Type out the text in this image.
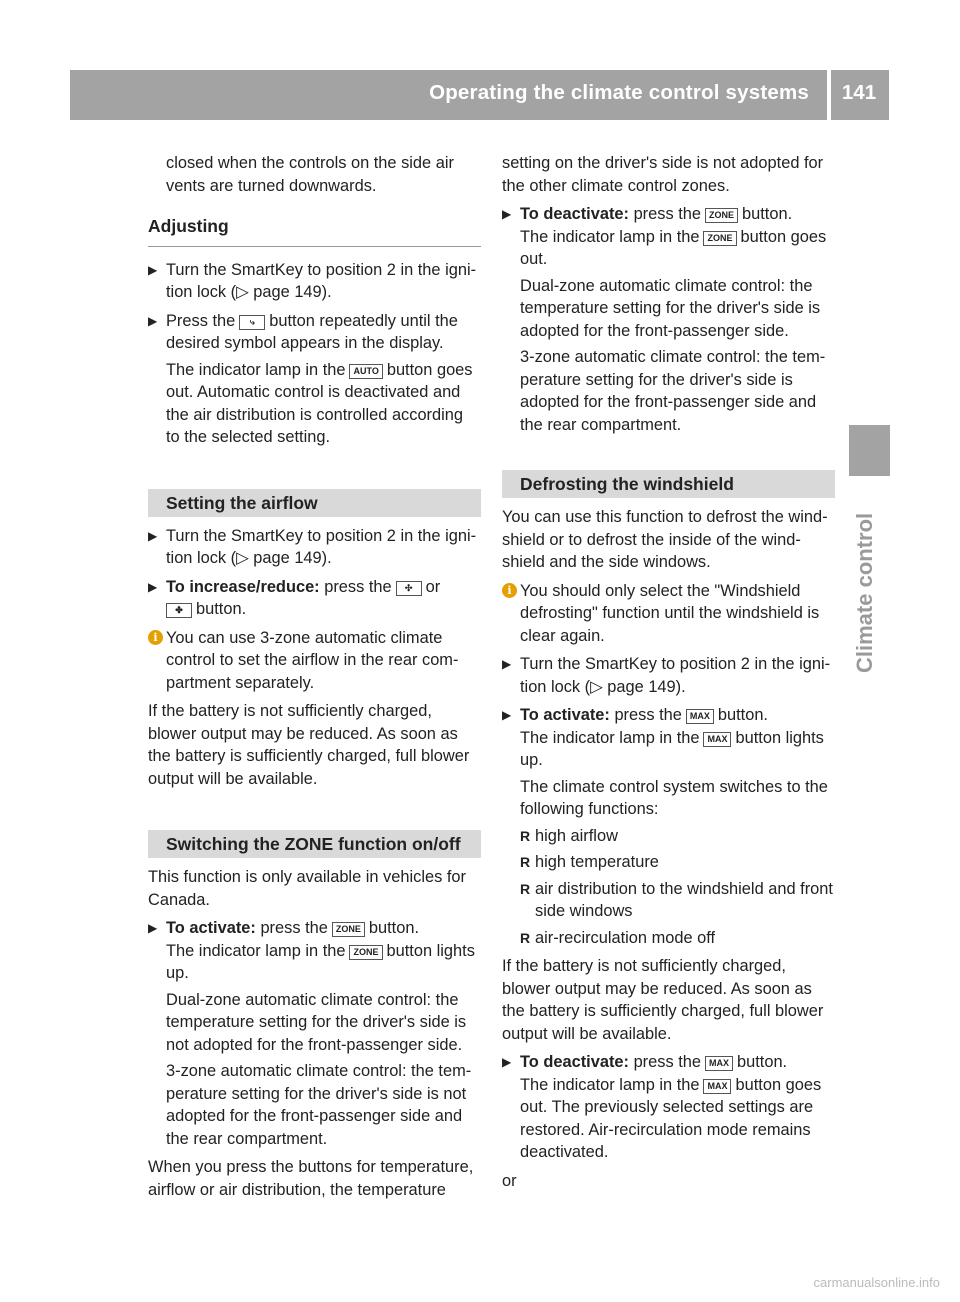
Operating the climate control systems	141
Climate control

closed when the controls on the side air

vents are turned downwards.

Adjusting
▶ Turn the SmartKey to position 2 in the igni- tion lock (▷ page 149).

▶ Press the ⤷ button repeatedly until the desired symbol appears in the display.

The indicator lamp in the AUTO button goes out. Automatic control is deactivated and the air distribution is controlled according to the selected setting.

Setting the airflow
▶ Turn the SmartKey to position 2 in the igni- tion lock (▷ page 149).

▶ To increase/reduce: press the ✣ or
✤ button.

i You can use 3-zone automatic climate control to set the airflow in the rear com- partment separately.

If the battery is not sufficiently charged, blower output may be reduced. As soon as the battery is sufficiently charged, full blower output will be available.

Switching the ZONE function on/off

This function is only available in vehicles for Canada.

▶ To activate: press the ZONE button.
The indicator lamp in the ZONE button lights up.

Dual-zone automatic climate control: the temperature setting for the driver's side is not adopted for the front-passenger side.

3-zone automatic climate control: the tem- perature setting for the driver's side is not adopted for the front-passenger side and the rear compartment.

When you press the buttons for temperature, airflow or air distribution, the temperature

setting on the driver's side is not adopted for the other climate control zones.

▶ To deactivate: press the ZONE button.
The indicator lamp in the ZONE button goes out.

Dual-zone automatic climate control: the temperature setting for the driver's side is adopted for the front-passenger side.

3-zone automatic climate control: the tem- perature setting for the driver's side is adopted for the front-passenger side and the rear compartment.

Defrosting the windshield

You can use this function to defrost the wind- shield or to defrost the inside of the wind- shield and the side windows.

i You should only select the "Windshield defrosting" function until the windshield is clear again.

▶ Turn the SmartKey to position 2 in the igni- tion lock (▷ page 149).

▶ To activate: press the MAX button.
The indicator lamp in the MAX button lights up.

The climate control system switches to the following functions:

R high airflow
R high temperature
R air distribution to the windshield and front side windows
R air-recirculation mode off

If the battery is not sufficiently charged, blower output may be reduced. As soon as the battery is sufficiently charged, full blower output will be available.

▶ To deactivate: press the MAX button.
The indicator lamp in the MAX button goes out. The previously selected settings are restored. Air-recirculation mode remains deactivated.

or

carmanualsonline.info
